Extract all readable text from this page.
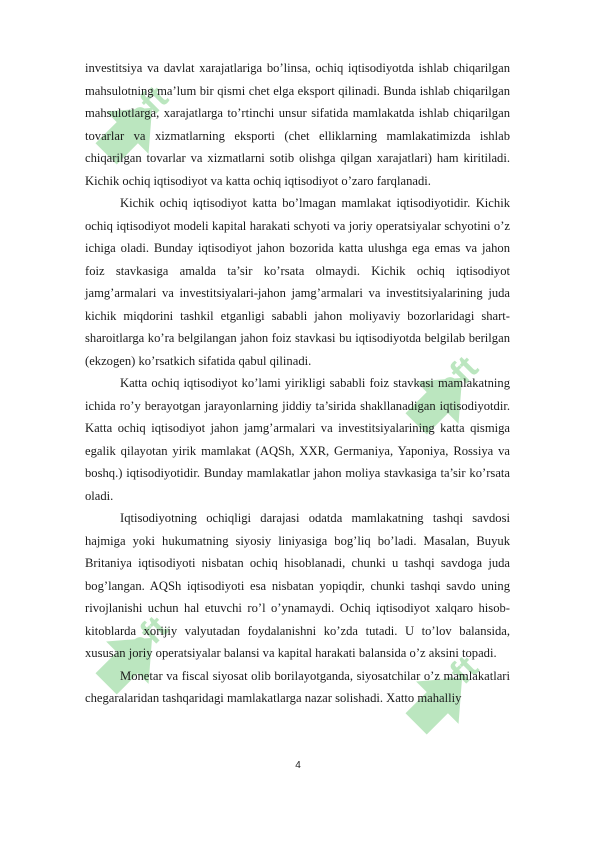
oft
oft
oft
oft

investitsiya va davlat xarajatlariga bo’linsa, ochiq iqtisodiyotda ishlab chiqarilgan mahsulotning ma’lum bir qismi chet elga eksport qilinadi. Bunda ishlab chiqarilgan mahsulotlarga, xarajatlarga to’rtinchi unsur sifatida mamlakatda ishlab chiqarilgan tovarlar va xizmatlarning eksporti (chet elliklarning mamlakatimizda ishlab chiqarilgan tovarlar va xizmatlarni sotib olishga qilgan xarajatlari) ham kiritiladi. Kichik ochiq iqtisodiyot va katta ochiq iqtisodiyot o’zaro farqlanadi.

Kichik ochiq iqtisodiyot katta bo’lmagan mamlakat iqtisodiyotidir. Kichik ochiq iqtisodiyot modeli kapital harakati schyoti va joriy operatsiyalar schyotini o’z ichiga oladi. Bunday iqtisodiyot jahon bozorida katta ulushga ega emas va jahon foiz stavkasiga amalda ta’sir ko’rsata olmaydi. Kichik ochiq iqtisodiyot jamg’armalari va investitsiyalari-jahon jamg’armalari va investitsiyalarining juda kichik miqdorini tashkil etganligi sababli jahon moliyaviy bozorlaridagi shart- sharoitlarga ko’ra belgilangan jahon foiz stavkasi bu iqtisodiyotda belgilab berilgan (ekzogen) ko’rsatkich sifatida qabul qilinadi.

Katta ochiq iqtisodiyot ko’lami yirikligi sababli foiz stavkasi mamlakatning ichida ro’y berayotgan jarayonlarning jiddiy ta’sirida shakllanadigan iqtisodiyotdir. Katta ochiq iqtisodiyot jahon jamg’armalari va investitsiyalarining katta qismiga egalik qilayotan yirik mamlakat (AQSh, XXR, Germaniya, Yaponiya, Rossiya va boshq.) iqtisodiyotidir. Bunday mamlakatlar jahon moliya stavkasiga ta’sir ko’rsata oladi.

Iqtisodiyotning ochiqligi darajasi odatda mamlakatning tashqi savdosi hajmiga yoki hukumatning siyosiy liniyasiga bog’liq bo’ladi. Masalan, Buyuk Britaniya iqtisodiyoti nisbatan ochiq hisoblanadi, chunki u tashqi savdoga juda bog’langan. AQSh iqtisodiyoti esa nisbatan yopiqdir, chunki tashqi savdo uning rivojlanishi uchun hal etuvchi ro’l o’ynamaydi. Ochiq iqtisodiyot xalqaro hisob-kitoblarda xorijiy valyutadan foydalanishni ko’zda tutadi. U to’lov balansida, xususan joriy operatsiyalar balansi va kapital harakati balansida o’z aksini topadi.

Monetar va fiscal siyosat olib borilayotganda, siyosatchilar o’z mamlakatlari chegaralaridan tashqaridagi mamlakatlarga nazar solishadi. Xatto mahalliy

4
